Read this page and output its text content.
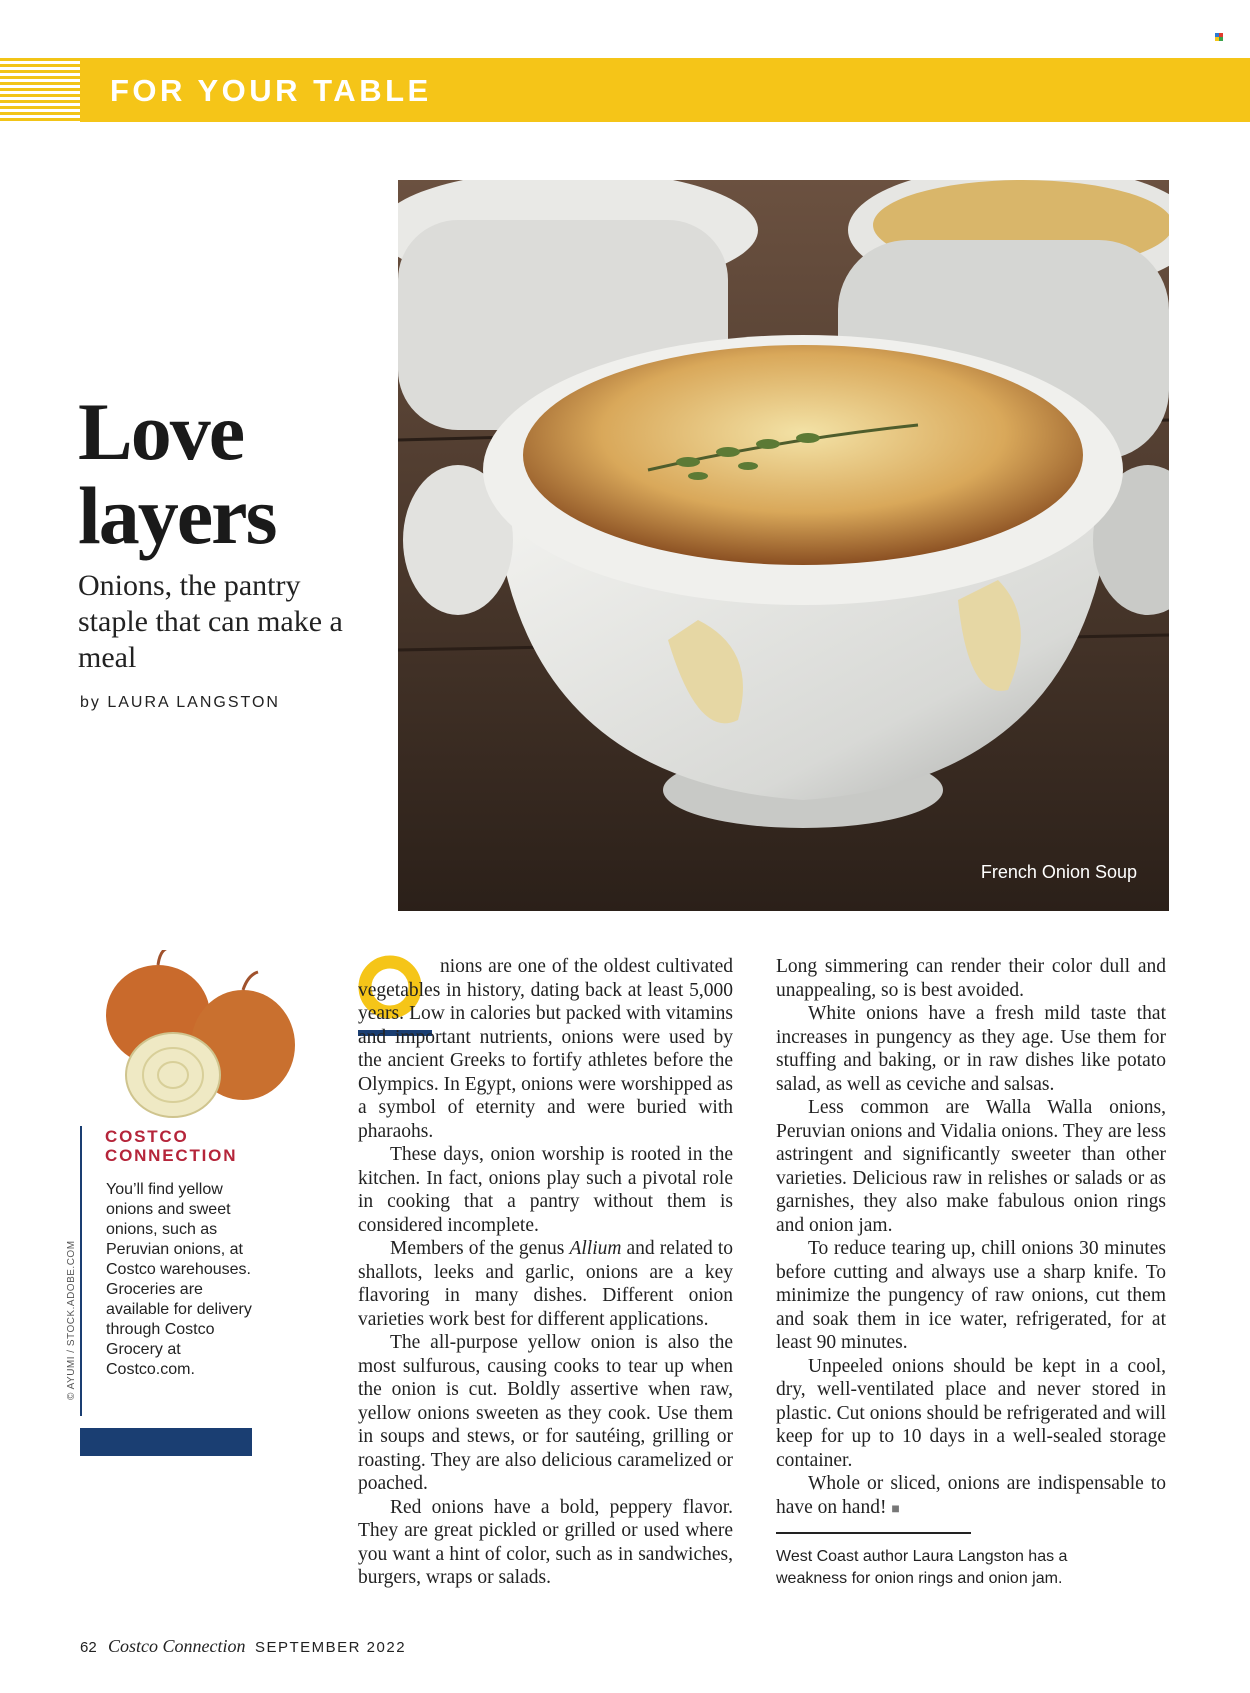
FOR YOUR TABLE
French Onion Soup
Love
layers
Onions, the pantry staple that can make a meal
by LAURA LANGSTON
COSTCO
CONNECTION
You’ll find yellow onions and sweet onions, such as Peruvian onions, at Costco warehouses. Groceries are available for delivery through Costco Grocery at Costco.com.
© AYUMI / STOCK.ADOBE.COM

nions are one of the oldest cultivated vegetables in history, dating back at least 5,000 years. Low in calories but packed with vitamins and important nutrients, onions were used by the ancient Greeks to fortify athletes before the Olympics. In Egypt, onions were worshipped as a symbol of eternity and were buried with pharaohs.

These days, onion worship is rooted in the kitchen. In fact, onions play such a pivotal role in cooking that a pantry without them is considered incomplete.

Members of the genus Allium and related to shallots, leeks and garlic, onions are a key flavoring in many dishes. Different onion varieties work best for different applications.

The all-purpose yellow onion is also the most sulfurous, causing cooks to tear up when the onion is cut. Boldly assertive when raw, yellow onions sweeten as they cook. Use them in soups and stews, or for sautéing, grilling or roasting. They are also delicious caramelized or poached.

Red onions have a bold, peppery flavor. They are great pickled or grilled or used where you want a hint of color, such as in sandwiches, burgers, wraps or salads.

Long simmering can render their color dull and unappealing, so is best avoided.

White onions have a fresh mild taste that increases in pungency as they age. Use them for stuffing and baking, or in raw dishes like potato salad, as well as ceviche and salsas.

Less common are Walla Walla onions, Peruvian onions and Vidalia onions. They are less astringent and significantly sweeter than other varieties. Delicious raw in relishes or salads or as garnishes, they also make fabulous onion rings and onion jam.

To reduce tearing up, chill onions 30 minutes before cutting and always use a sharp knife. To minimize the pungency of raw onions, cut them and soak them in ice water, refrigerated, for at least 90 minutes.

Unpeeled onions should be kept in a cool, dry, well-ventilated place and never stored in plastic. Cut onions should be refrigerated and will keep for up to 10 days in a well-sealed storage container.

Whole or sliced, onions are indispensable to have on hand! ■

West Coast author Laura Langston has a weakness for onion rings and onion jam.
62 Costco Connection SEPTEMBER 2022
